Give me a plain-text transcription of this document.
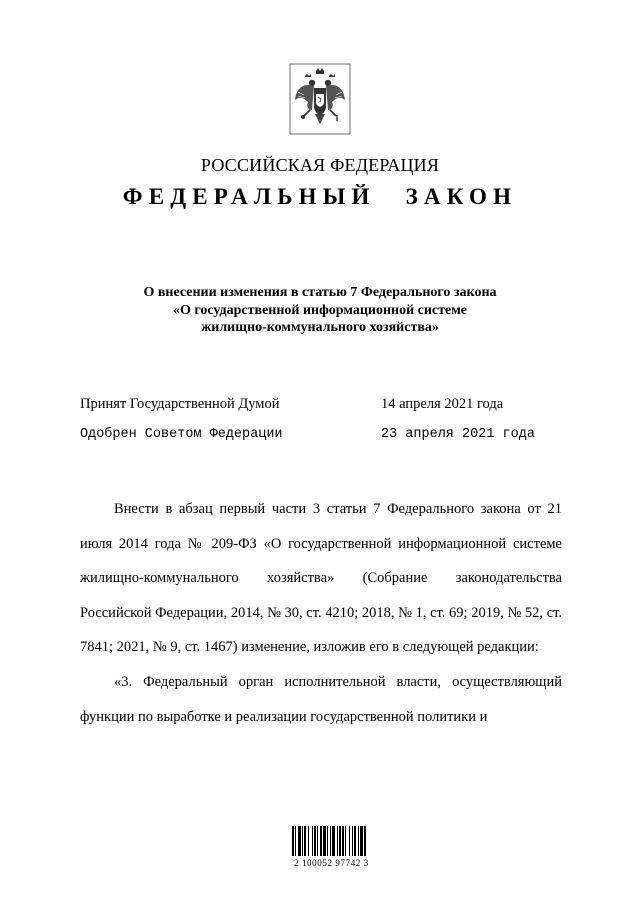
РОССИЙСКАЯ ФЕДЕРАЦИЯ
ФЕДЕРАЛЬНЫЙ ЗАКОН
О внесении изменения в статью 7 Федерального закона
«О государственной информационной системе
жилищно-коммунального хозяйства»
Принят Государственной Думой	14 апреля 2021 года
Одобрен Советом Федерации	23 апреля 2021 года

Внести в абзац первый части 3 статьи 7 Федерального закона от 21 июля 2014 года № 209-ФЗ «О государственной информационной системе жилищно-коммунального хозяйства» (Собрание законодательства Российской Федерации, 2014, № 30, ст. 4210; 2018, № 1, ст. 69; 2019, № 52, ст. 7841; 2021, № 9, ст. 1467) изменение, изложив его в следующей редакции:

«3. Федеральный орган исполнительной власти, осуществляющий функции по выработке и реализации государственной политики и

2 100052 97742 3
